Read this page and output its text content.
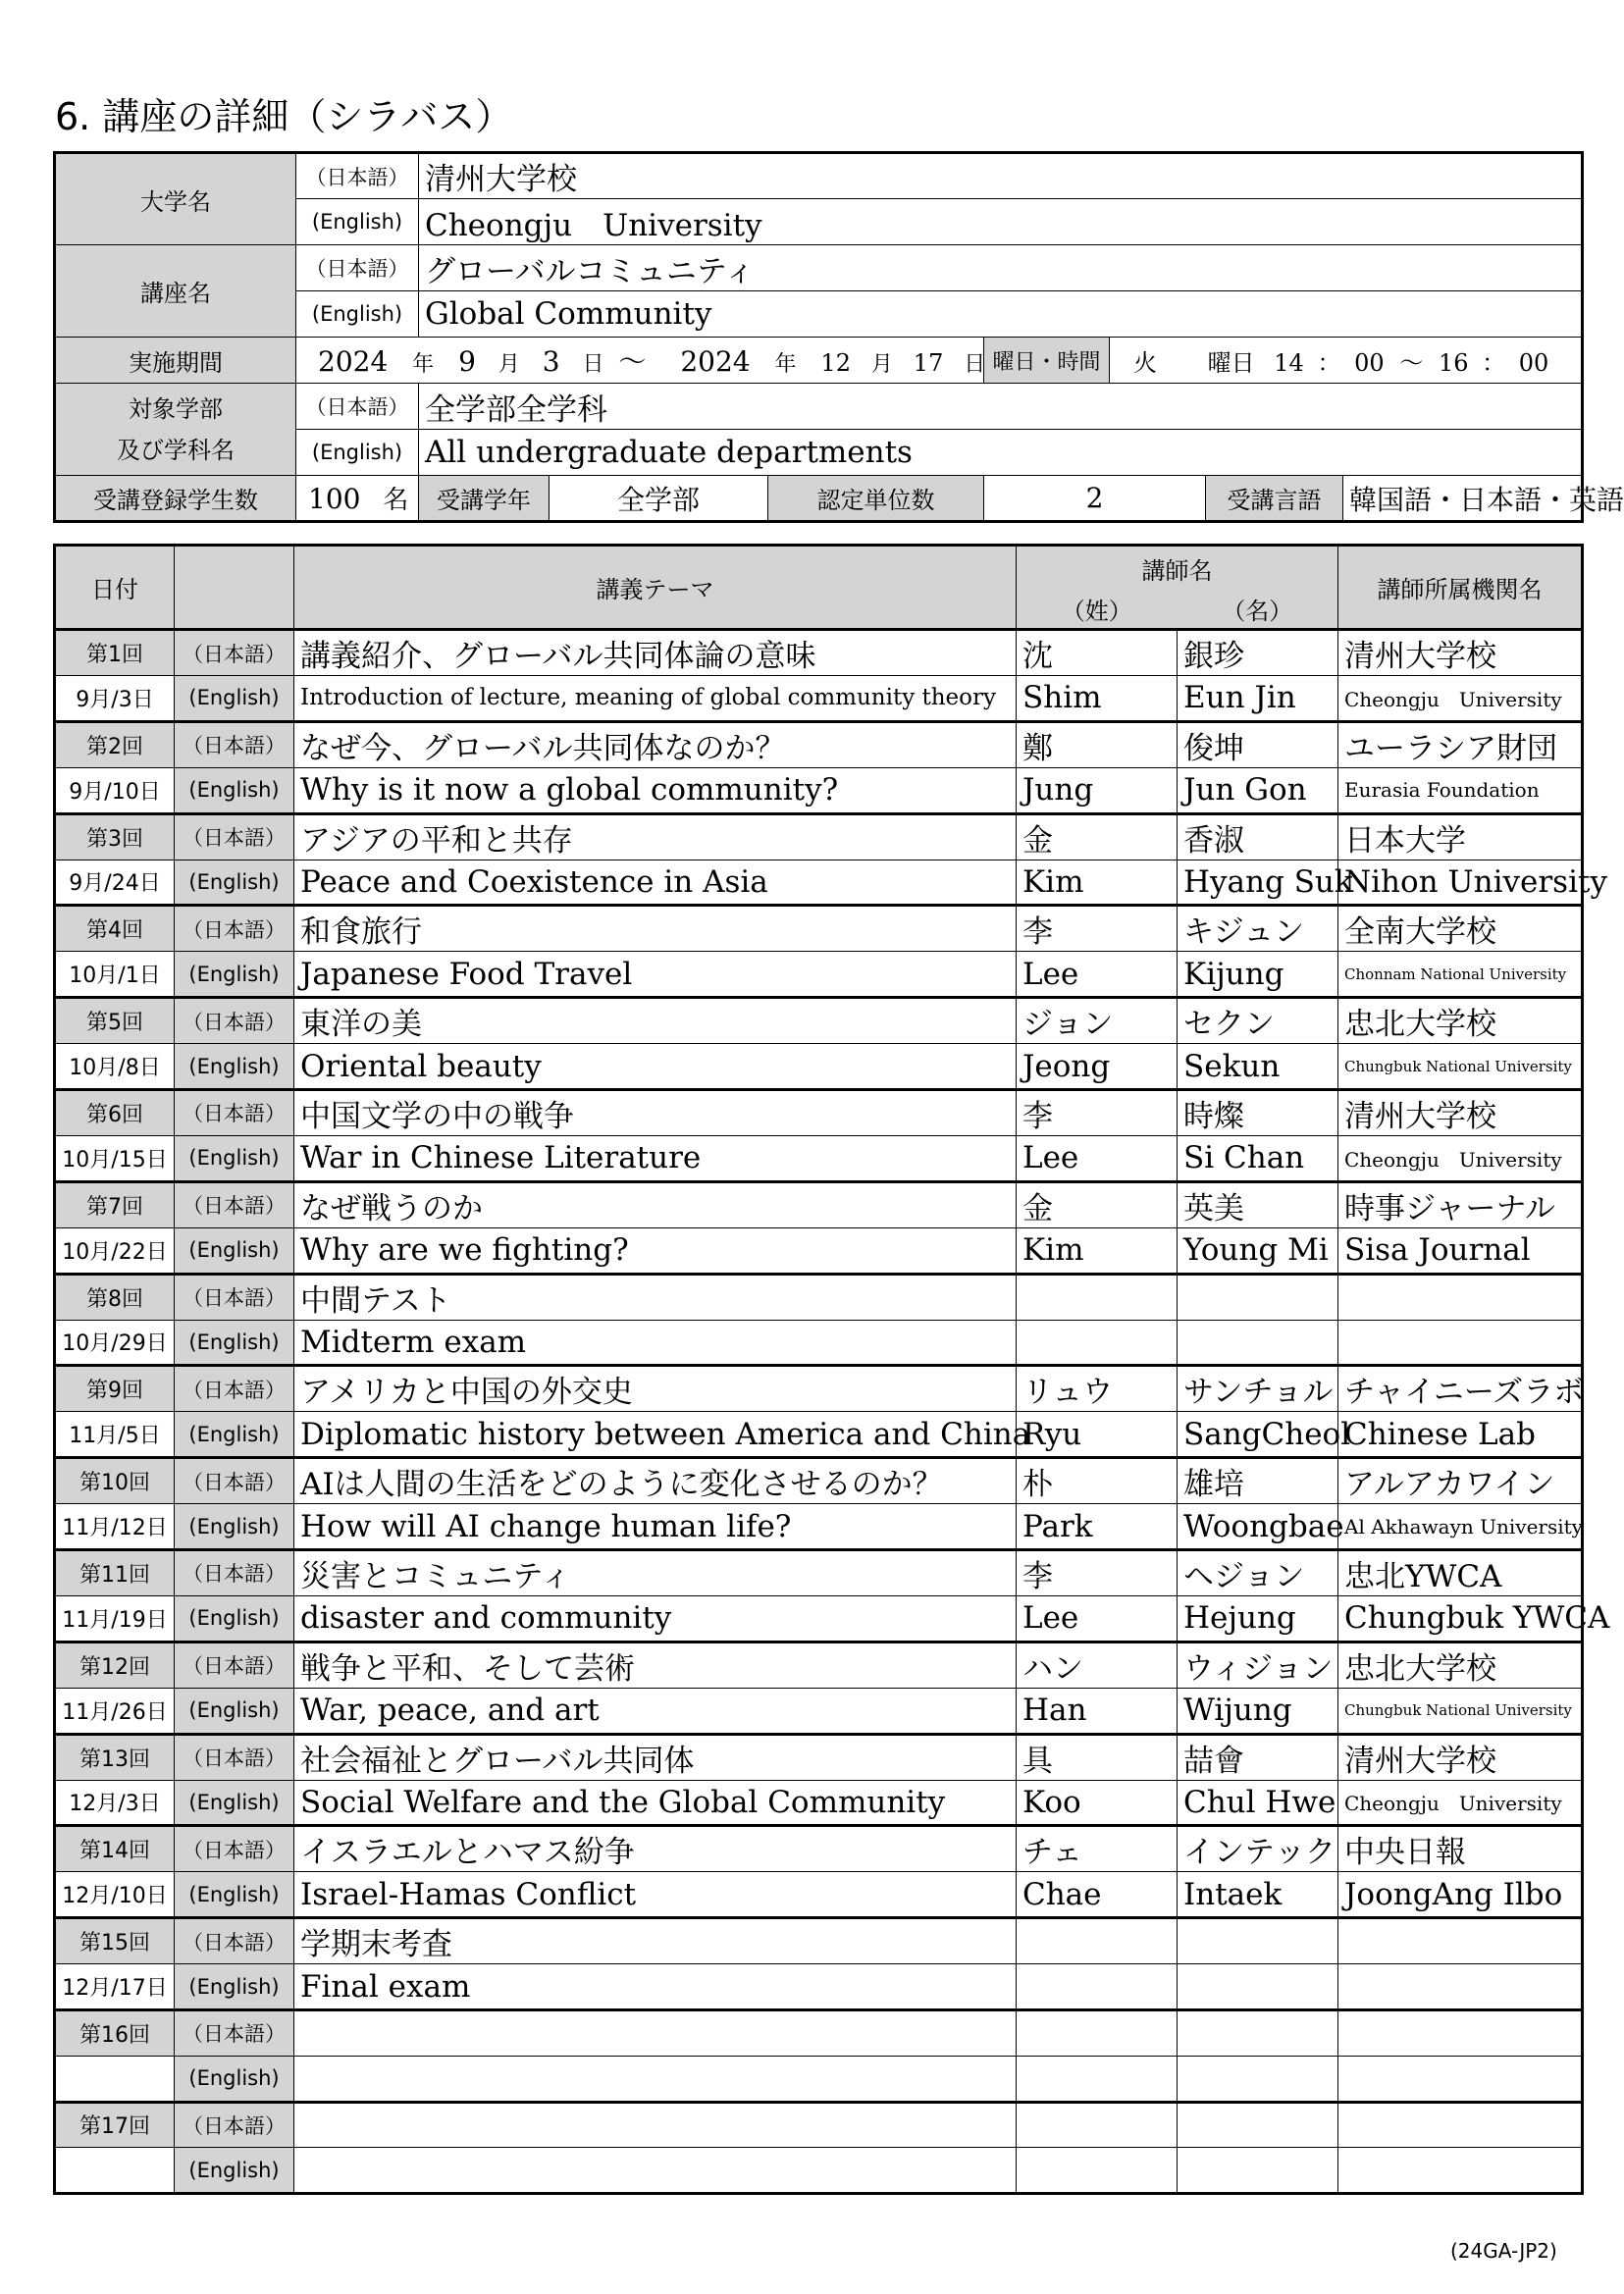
6. 講座の詳細（シラバス）
大学名	（日本語）	清州大学校						
	(English)	Cheongju　University						
講座名	（日本語）	グローバルコミュニティ						
	(English)	Global Community						
実施期間	2024 年 9 月 3 日 ～ 2024 年 12 月 17 日				曜日・時間	火 曜日 14 ： 00 ～ 16 ： 00		

対象学部
及び学科名	（日本語）	全学部全学科						
	(English)	All undergraduate departments						
受講登録学生数	100 名	受講学年	全学部	認定単位数	2		受講言語	韓国語・日本語・英語
日付		講義テーマ	講師名		講師所属機関名
			（姓）	（名）	
第1回	（日本語）	講義紹介、グローバル共同体論の意味	沈	銀珍	清州大学校
9月/3日	(English)	Introduction of lecture, meaning of global community theory	Shim	Eun Jin	Cheongju　University
第2回	（日本語）	なぜ今、グローバル共同体なのか？	鄭	俊坤	ユーラシア財団
9月/10日	(English)	Why is it now a global community?	Jung	Jun Gon	Eurasia Foundation
第3回	（日本語）	アジアの平和と共存	金	香淑	日本大学
9月/24日	(English)	Peace and Coexistence in Asia	Kim	Hyang Suk	Nihon University
第4回	（日本語）	和食旅行	李	キジュン	全南大学校
10月/1日	(English)	Japanese Food Travel	Lee	Kijung	Chonnam National University
第5回	（日本語）	東洋の美	ジョン	セクン	忠北大学校
10月/8日	(English)	Oriental beauty	Jeong	Sekun	Chungbuk National University
第6回	（日本語）	中国文学の中の戦争	李	時燦	清州大学校
10月/15日	(English)	War in Chinese Literature	Lee	Si Chan	Cheongju　University
第7回	（日本語）	なぜ戦うのか	金	英美	時事ジャーナル
10月/22日	(English)	Why are we fighting?	Kim	Young Mi	Sisa Journal
第8回	（日本語）	中間テスト			
10月/29日	(English)	Midterm exam			
第9回	（日本語）	アメリカと中国の外交史	リュウ	サンチョル	チャイニーズラボ
11月/5日	(English)	Diplomatic history between America and China	Ryu	SangCheol	Chinese Lab
第10回	（日本語）	AIは人間の生活をどのように変化させるのか？	朴	雄培	アルアカワイン
11月/12日	(English)	How will AI change human life?	Park	Woongbae	Al Akhawayn University
第11回	（日本語）	災害とコミュニティ	李	ヘジョン	忠北YWCA
11月/19日	(English)	disaster and community	Lee	Hejung	Chungbuk YWCA
第12回	（日本語）	戦争と平和、そして芸術	ハン	ウィジョン	忠北大学校
11月/26日	(English)	War, peace, and art	Han	Wijung	Chungbuk National University
第13回	（日本語）	社会福祉とグローバル共同体	具	喆會	清州大学校
12月/3日	(English)	Social Welfare and the Global Community	Koo	Chul Hwe	Cheongju　University
第14回	（日本語）	イスラエルとハマス紛争	チェ	インテック	中央日報
12月/10日	(English)	Israel-Hamas Conflict	Chae	Intaek	JoongAng Ilbo
第15回	（日本語）	学期末考査			
12月/17日	(English)	Final exam			
第16回	（日本語）				
	(English)				
第17回	（日本語）				
	(English)				
(24GA-JP2)
